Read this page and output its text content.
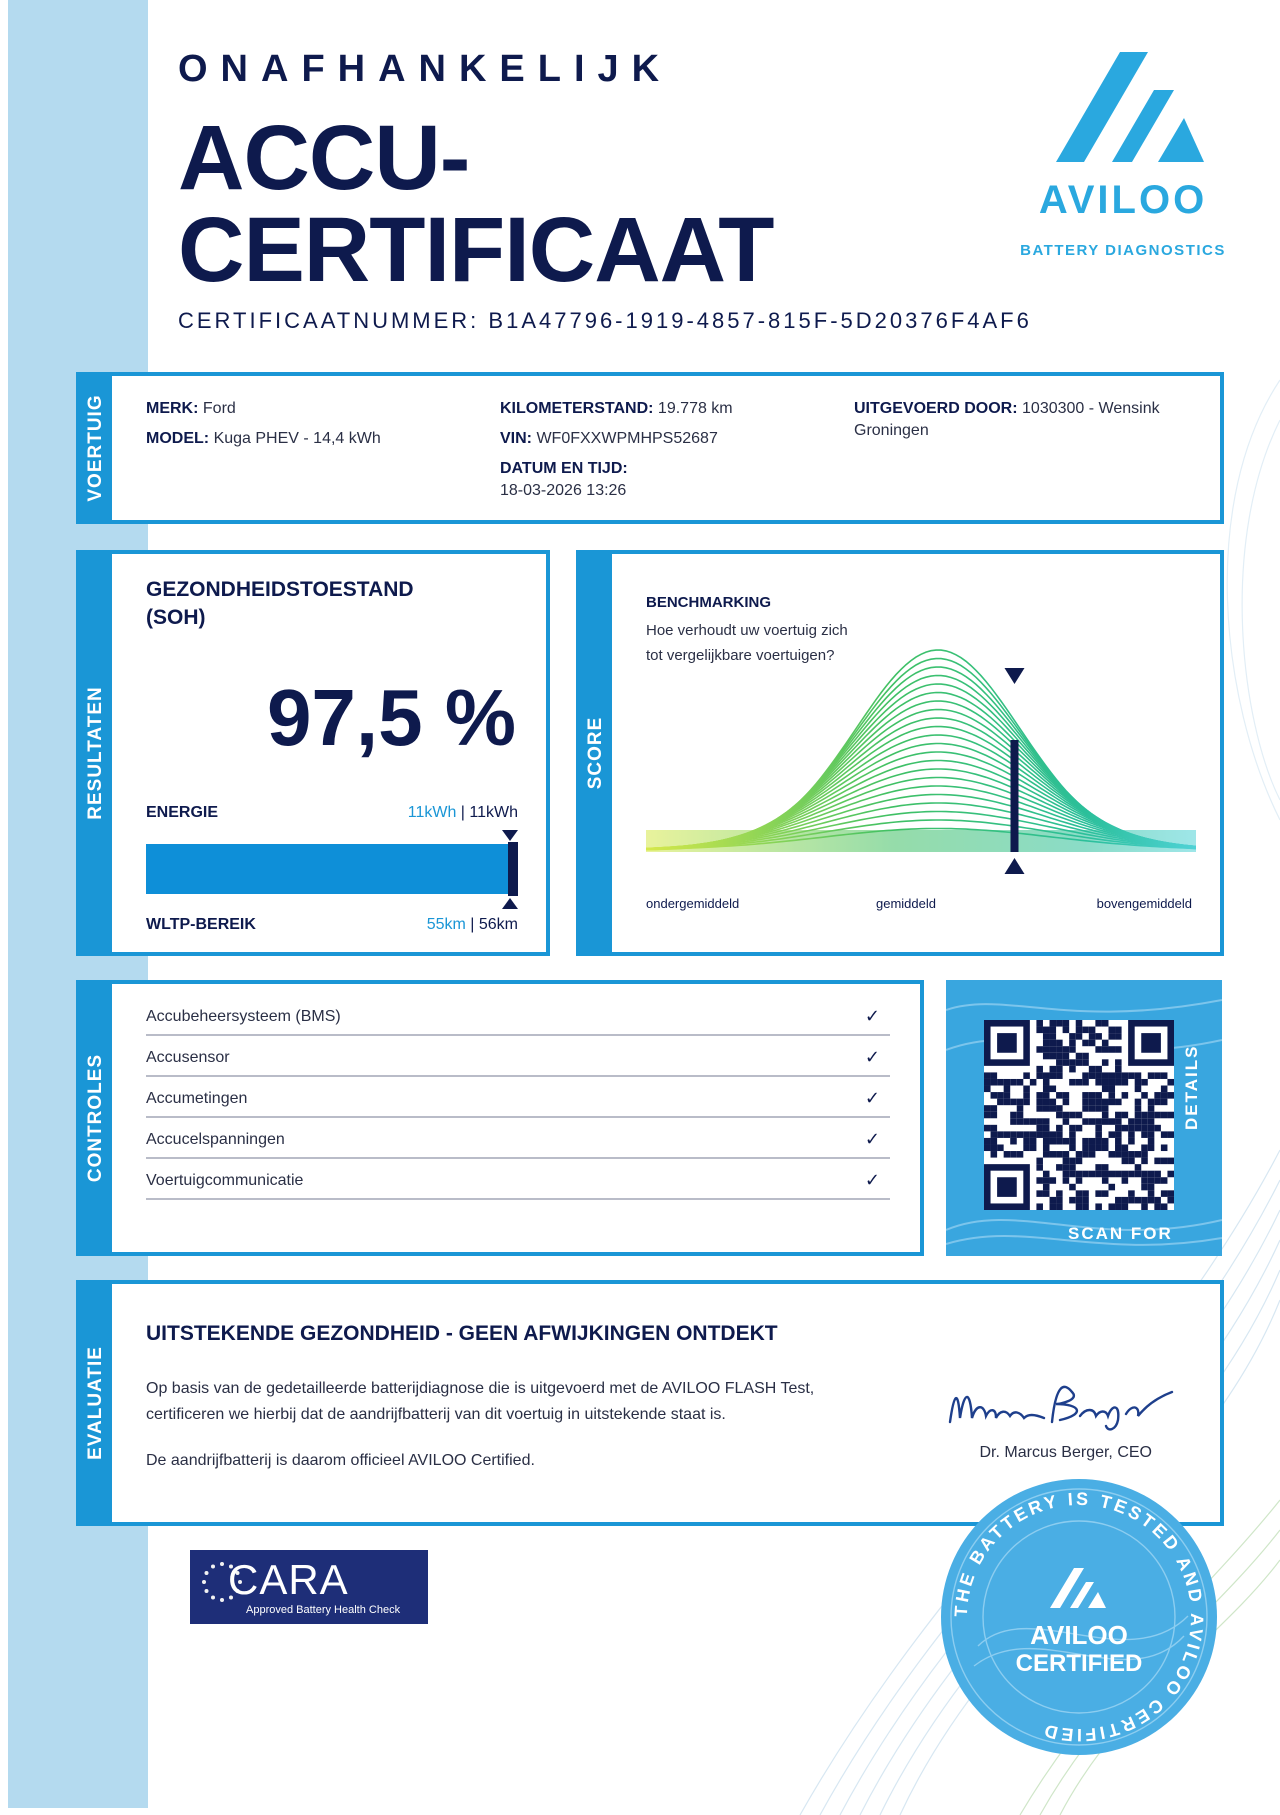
ONAFHANKELIJK
ACCU-
CERTIFICAAT
CERTIFICAATNUMMER: B1A47796-1919-4857-815F-5D20376F4AF6
AVILOO
BATTERY DIAGNOSTICS
VOERTUIG	MERK: Ford
MODEL: Kuga PHEV - 14,4 kWh
KILOMETERSTAND: 19.778 km
VIN: WF0FXXWPMHPS52687
DATUM EN TIJD:
18-03-2026 13:26
UITGEVOERD DOOR: 1030300 - Wensink
Groningen
RESULTATEN
GEZONDHEIDSTOESTAND
(SOH)
97,5 %
ENERGIE	11kWh | 11kWh
WLTP-BEREIK	55km | 56km
SCORE
BENCHMARKING
Hoe verhoudt uw voertuig zich tot vergelijkbare voertuigen?
ondergemiddeld	gemiddeld	bovengemiddeld
CONTROLES
Accubeheersysteem (BMS)	✓
Accusensor	✓
Accumetingen	✓
Accucelspanningen	✓
Voertuigcommunicatie	✓
SCAN FOR
DETAILS
EVALUATIE
UITSTEKENDE GEZONDHEID - GEEN AFWIJKINGEN ONTDEKT
Op basis van de gedetailleerde batterijdiagnose die is uitgevoerd met de AVILOO FLASH Test,
certificeren we hierbij dat de aandrijfbatterij van dit voertuig in uitstekende staat is.
De aandrijfbatterij is daarom officieel AVILOO Certified.	Dr. Marcus Berger, CEO
CARA
Approved Battery Health Check	THE BATTERY IS TESTED AND AVILOO CERTIFIED
AVILOO
CERTIFIED
